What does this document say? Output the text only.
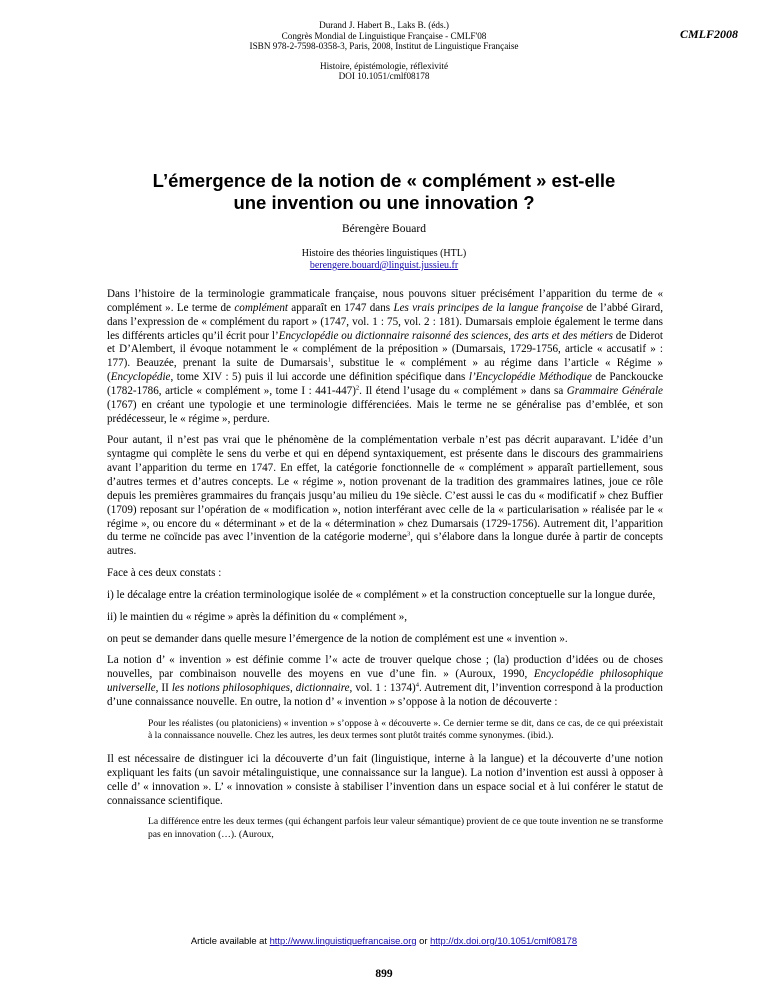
Durand J. Habert B., Laks B. (éds.)
Congrès Mondial de Linguistique Française - CMLF'08
ISBN 978-2-7598-0358-3, Paris, 2008, Institut de Linguistique Française
Histoire, épistémologie, réflexivité
DOI 10.1051/cmlf08178
CMLF2008
L’émergence de la notion de « complément » est-elle
une invention ou une innovation ?
Bérengère Bouard
Histoire des théories linguistiques (HTL)
berengere.bouard@linguist.jussieu.fr

Dans l’histoire de la terminologie grammaticale française, nous pouvons situer précisément l’apparition du terme de « complément ». Le terme de complément apparaît en 1747 dans Les vrais principes de la langue françoise de l’abbé Girard, dans l’expression de « complément du raport » (1747, vol. 1 : 75, vol. 2 : 181). Dumarsais emploie également le terme dans les différents articles qu’il écrit pour l’Encyclopédie ou dictionnaire raisonné des sciences, des arts et des métiers de Diderot et D’Alembert, il évoque notamment le « complément de la préposition » (Dumarsais, 1729-1756, article « accusatif » : 177). Beauzée, prenant la suite de Dumarsais$^1$, substitue le « complément » au régime dans l’article « Régime » (Encyclopédie, tome XIV : 5) puis il lui accorde une définition spécifique dans l’Encyclopédie Méthodique de Panckoucke (1782-1786, article « complément », tome I : 441-447)$^2$. Il étend l’usage du « complément » dans sa Grammaire Générale (1767) en créant une typologie et une terminologie différenciées. Mais le terme ne se généralise pas d’emblée, et son prédécesseur, le « régime », perdure.

Pour autant, il n’est pas vrai que le phénomène de la complémentation verbale n’est pas décrit auparavant. L’idée d’un syntagme qui complète le sens du verbe et qui en dépend syntaxiquement, est présente dans le discours des grammairiens avant l’apparition du terme en 1747. En effet, la catégorie fonctionnelle de « complément » apparaît partiellement, sous d’autres termes et d’autres concepts. Le « régime », notion provenant de la tradition des grammaires latines, joue ce rôle depuis les premières grammaires du français jusqu’au milieu du 19e siècle. C’est aussi le cas du « modificatif » chez Buffier (1709) reposant sur l’opération de « modification », notion interférant avec celle de la « particularisation » réalisée par le « régime », ou encore du « déterminant » et de la « détermination » chez Dumarsais (1729-1756). Autrement dit, l’apparition du terme ne coïncide pas avec l’invention de la catégorie moderne$^3$, qui s’élabore dans la longue durée à partir de concepts autres.

Face à ces deux constats :

i) le décalage entre la création terminologique isolée de « complément » et la construction conceptuelle sur la longue durée,

ii) le maintien du « régime » après la définition du « complément »,

on peut se demander dans quelle mesure l’émergence de la notion de complément est une « invention ».

La notion d’ « invention » est définie comme l’« acte de trouver quelque chose ; (la) production d’idées ou de choses nouvelles, par combinaison nouvelle des moyens en vue d’une fin. » (Auroux, 1990, Encyclopédie philosophique universelle, II les notions philosophiques, dictionnaire, vol. 1 : 1374)$^4$. Autrement dit, l’invention correspond à la production d’une connaissance nouvelle. En outre, la notion d’ « invention » s’oppose à la notion de découverte :

Pour les réalistes (ou platoniciens) « invention » s’oppose à « découverte ». Ce dernier terme se dit, dans ce cas, de ce qui préexistait à la connaissance nouvelle. Chez les autres, les deux termes sont plutôt traités comme synonymes. (ibid.).

Il est nécessaire de distinguer ici la découverte d’un fait (linguistique, interne à la langue) et la découverte d’une notion expliquant les faits (un savoir métalinguistique, une connaissance sur la langue). La notion d’invention est aussi à opposer à celle d’ « innovation ». L’ « innovation » consiste à stabiliser l’invention dans un espace social et à lui conférer le statut de connaissance scientifique.

La différence entre les deux termes (qui échangent parfois leur valeur sémantique) provient de ce que toute invention ne se transforme pas en innovation (…). (Auroux,

Article available at http://www.linguistiquefrancaise.org or http://dx.doi.org/10.1051/cmlf08178
899
